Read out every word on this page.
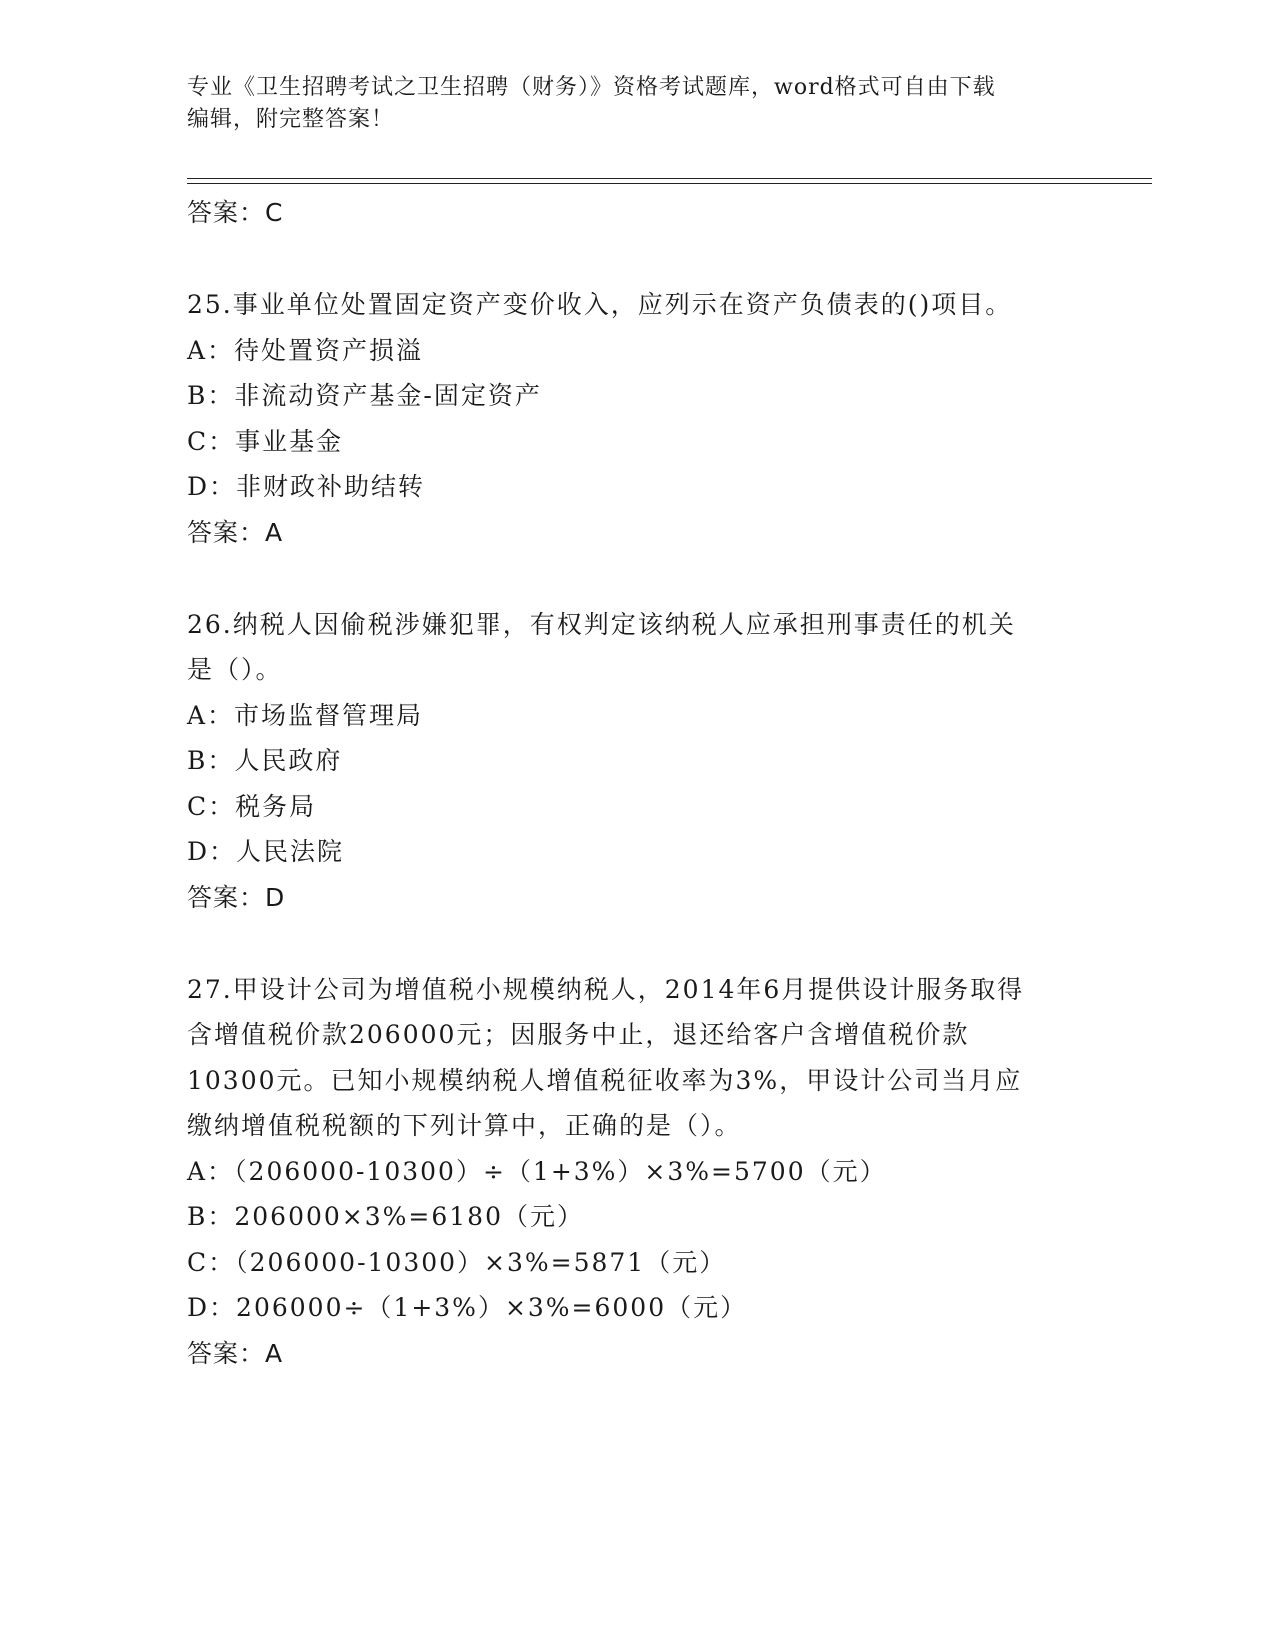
专业《卫生招聘考试之卫生招聘（财务）》资格考试题库，word格式可自由下载
编辑，附完整答案！
答案：C
25.事业单位处置固定资产变价收入，应列示在资产负债表的()项目。
A：待处置资产损溢
B：非流动资产基金-固定资产
C：事业基金
D：非财政补助结转
答案：A
26.纳税人因偷税涉嫌犯罪，有权判定该纳税人应承担刑事责任的机关
是（）。
A：市场监督管理局
B：人民政府
C：税务局
D：人民法院
答案：D
27.甲设计公司为增值税小规模纳税人，2014年6月提供设计服务取得
含增值税价款206000元；因服务中止，退还给客户含增值税价款
10300元。已知小规模纳税人增值税征收率为3%，甲设计公司当月应
缴纳增值税税额的下列计算中，正确的是（）。
A：（206000-10300）÷（1+3%）×3%=5700（元）
B：206000×3%=6180（元）
C：（206000-10300）×3%=5871（元）
D：206000÷（1+3%）×3%=6000（元）
答案：A
